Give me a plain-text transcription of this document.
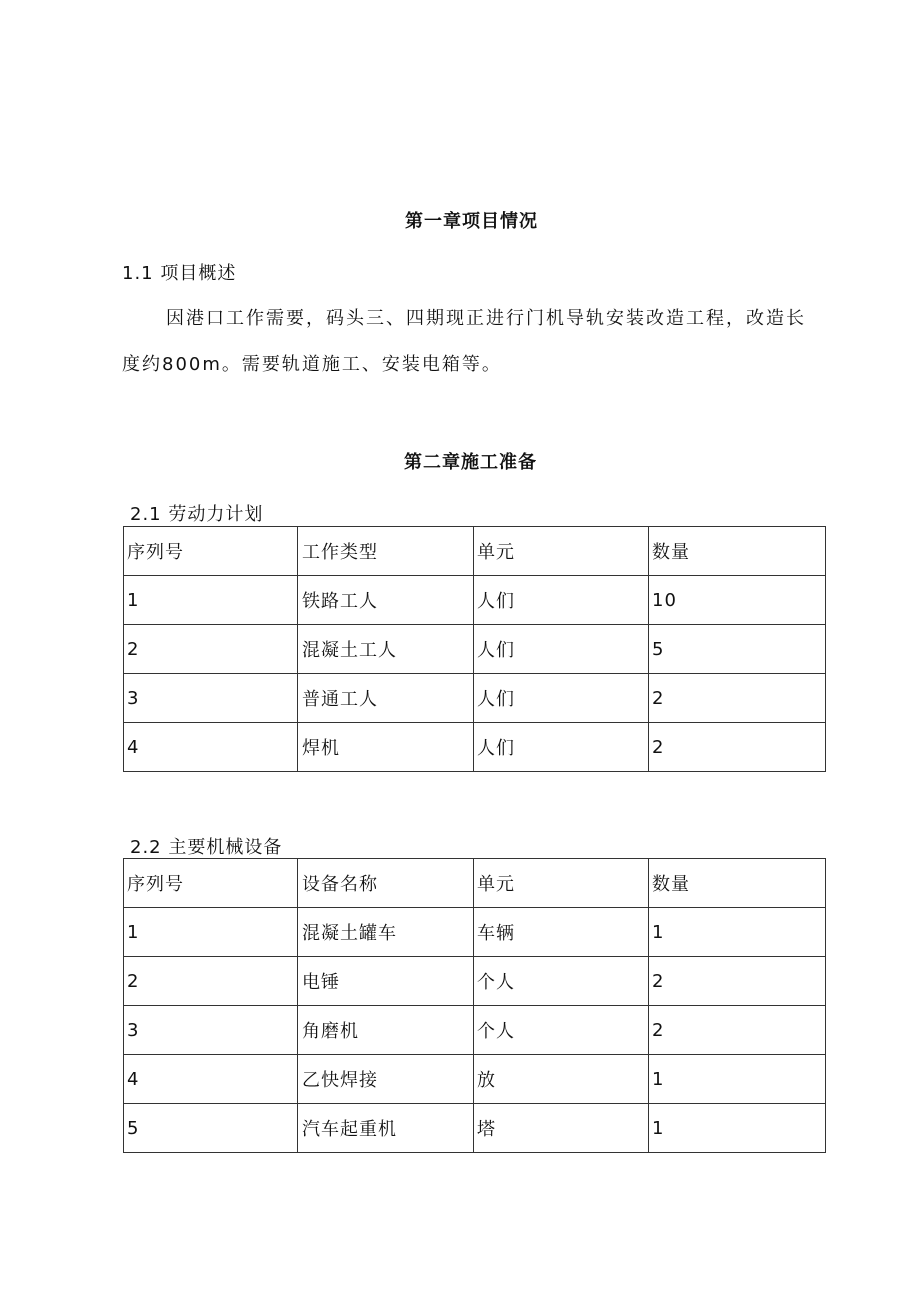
第一章项目情况
1.1 项目概述
因港口工作需要，码头三、四期现正进行门机导轨安装改造工程，改造长
度约800m。需要轨道施工、安装电箱等。
第二章施工准备
2.1 劳动力计划
序列号	工作类型	单元	数量
1	铁路工人	人们	10
2	混凝土工人	人们	5
3	普通工人	人们	2
4	焊机	人们	2
2.2 主要机械设备
序列号	设备名称	单元	数量
1	混凝土罐车	车辆	1
2	电锤	个人	2
3	角磨机	个人	2
4	乙快焊接	放	1
5	汽车起重机	塔	1
